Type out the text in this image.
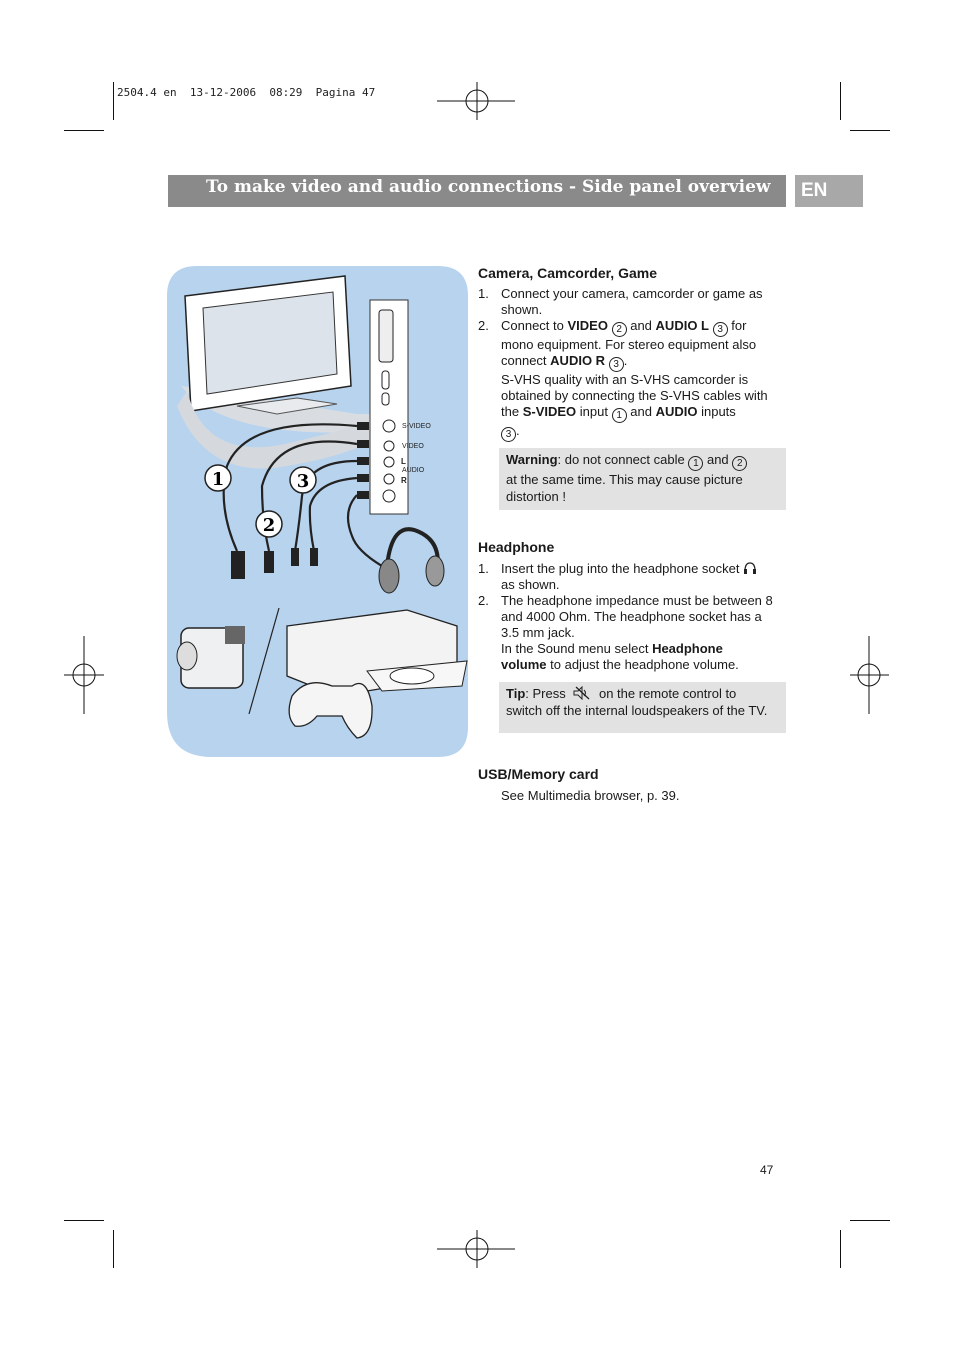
2504.4 en  13-12-2006  08:29  Pagina 47
To make video and audio connections - Side panel overview	EN
S-VIDEO
VIDEO
L
AUDIO
R
1
2
3
Camera, Camcorder, Game
1. Connect your camera, camcorder or game as shown.
2. Connect to VIDEO 2 and AUDIO L 3 for
mono equipment. For stereo equipment also
connect AUDIO R 3 .
S-VHS quality with an S-VHS camcorder is
obtained by connecting the S-VHS cables with
the S-VIDEO input 1 and AUDIO inputs
3 .
Warning: do not connect cable 1 and 2
at the same time. This may cause picture
distortion !
Headphone
1. Insert the plug into the headphone socket
as shown.
2. The headphone impedance must be between 8
and 4000 Ohm. The headphone socket has a
3.5 mm jack.
In the Sound menu select Headphone
volume to adjust the headphone volume.
Tip: Press	on the remote control to
switch off the internal loudspeakers of the TV.
USB/Memory card
See Multimedia browser, p. 39.
47
